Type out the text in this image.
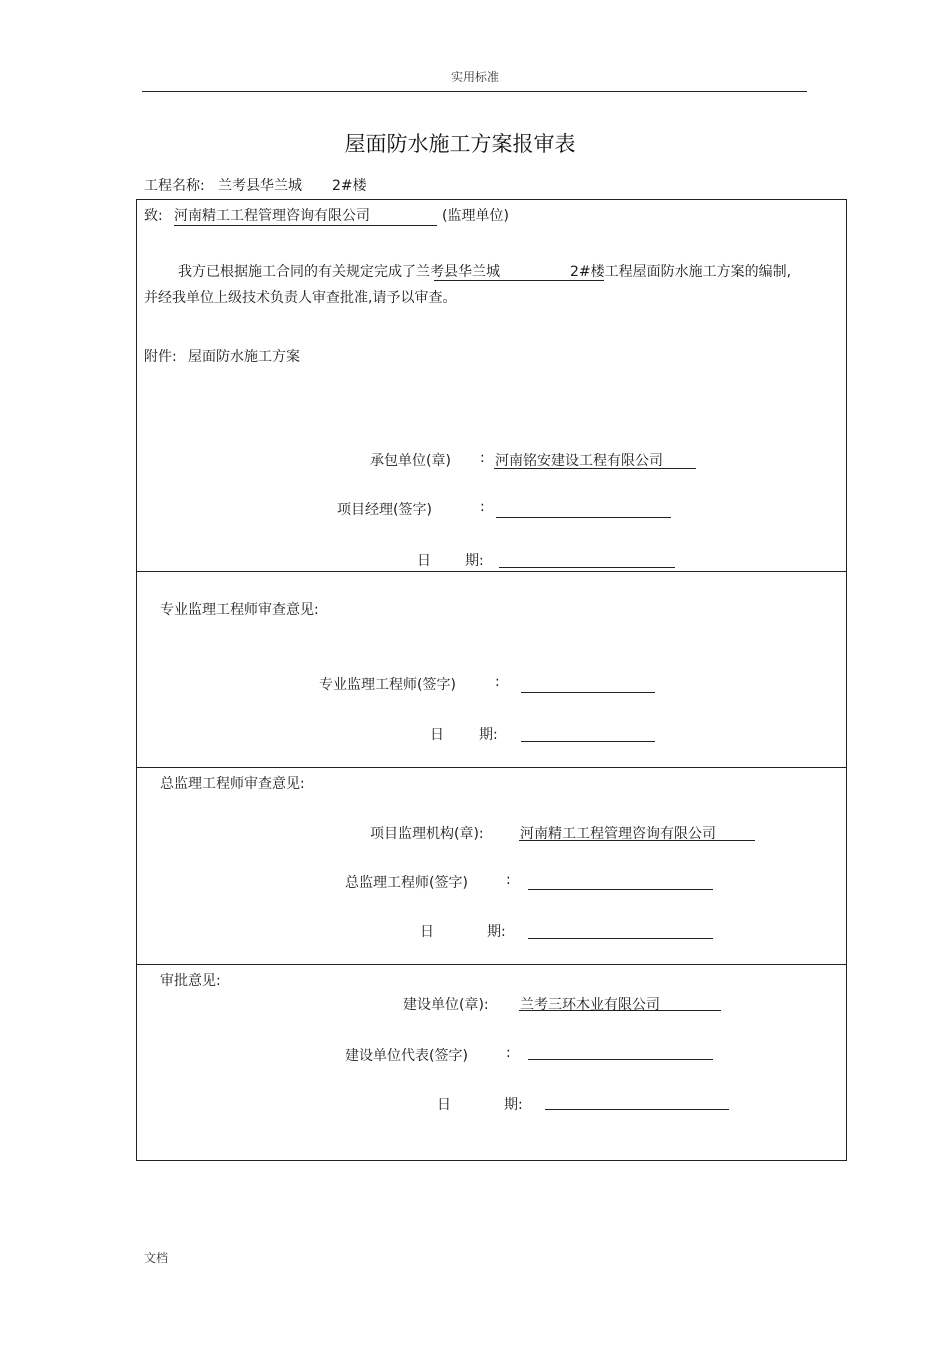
实用标准
屋面防水施工方案报审表
工程名称: 兰考县华兰城 2#楼
致: 河南精工工程管理咨询有限公司	(监理单位)
我方已根据施工合同的有关规定完成了兰考县华兰城	2#楼工程屋面防水施工方案的编制,
并经我单位上级技术负责人审查批准,请予以审查。
附件: 屋面防水施工方案
承包单位(章) : 河南铭安建设工程有限公司
项目经理(签字)	:
日 期:
专业监理工程师审查意见:
专业监理工程师(签字)	:
日	期:
总监理工程师审查意见:
项目监理机构(章):	河南精工工程管理咨询有限公司
总监理工程师(签字)	:
日	期:
审批意见:
建设单位(章): 兰考三环木业有限公司
建设单位代表(签字)	:
日	期:
文档
